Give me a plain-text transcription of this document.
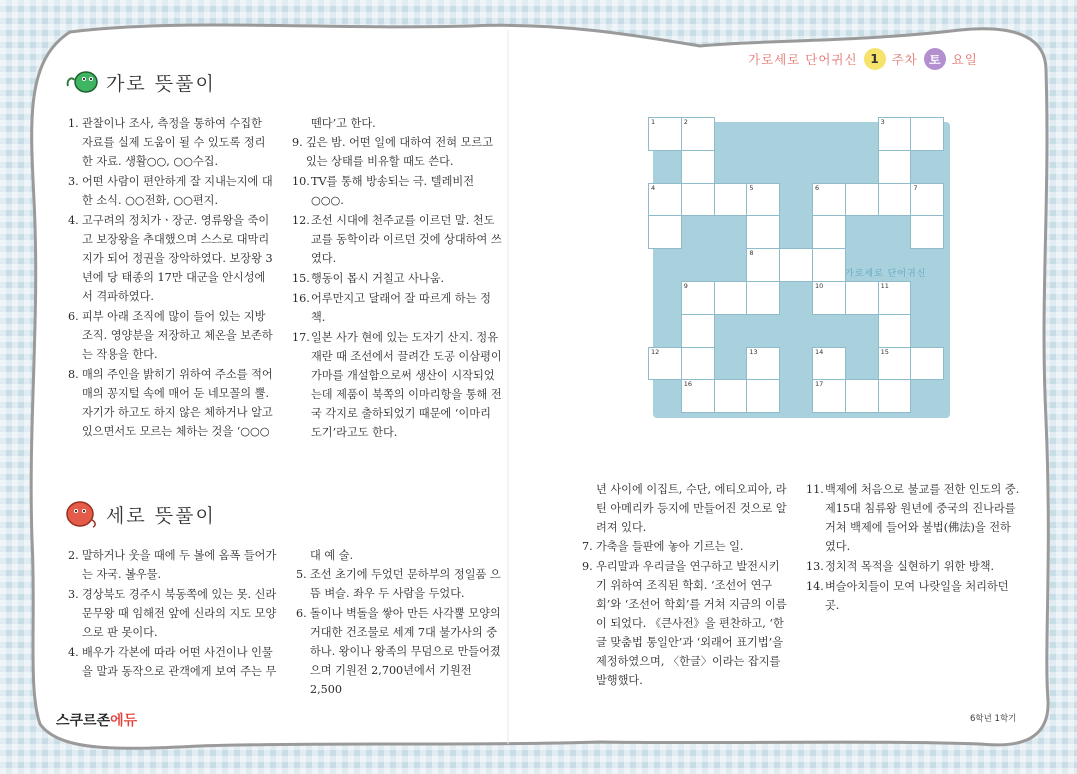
가로세로 단어귀신	1	주차 토 요일
가로 뜻풀이
1. 관찰이나 조사, 측정을 통하여 수집한 자료를 실제 도움이 될 수 있도록 정리한 자료. 생활○○, ○○수집.
3. 어떤 사람이 편안하게 잘 지내는지에 대한 소식. ○○전화, ○○편지.
4. 고구려의 정치가ㆍ장군. 영류왕을 죽이고 보장왕을 추대했으며 스스로 대막리지가 되어 정권을 장악하였다. 보장왕 3년에 당 태종의 17만 대군을 안시성에서 격파하였다.
6. 피부 아래 조직에 많이 들어 있는 지방 조직. 영양분을 저장하고 체온을 보존하는 작용을 한다.
8. 매의 주인을 밝히기 위하여 주소를 적어 매의 꽁지털 속에 매어 둔 네모꼴의 뿔. 자기가 하고도 하지 않은 체하거나 알고 있으면서도 모르는 체하는 것을 ‘○○○
뗀다’고 한다.
9. 깊은 밤. 어떤 일에 대하여 전혀 모르고 있는 상태를 비유할 때도 쓴다.
10. TV를 통해 방송되는 극. 텔레비전 ○○○.
12. 조선 시대에 천주교를 이르던 말. 천도교를 동학이라 이르던 것에 상대하여 쓰였다.
15. 행동이 몹시 거칠고 사나움.
16. 어루만지고 달래어 잘 따르게 하는 정책.
17. 일본 사가 현에 있는 도자기 산지. 정유재란 때 조선에서 끌려간 도공 이삼평이 가마를 개설함으로써 생산이 시작되었는데 제품이 북쪽의 이마리항을 통해 전국 각지로 출하되었기 때문에 ‘이마리 도기’라고도 한다.
1	2	3
4	5	6	7
8
9	10	11
12	13	14	15
16	17
가로세로 단어귀신
세로 뜻풀이
2. 말하거나 웃을 때에 두 볼에 옴폭 들어가는 자국. 볼우물.
3. 경상북도 경주시 북동쪽에 있는 못. 신라 문무왕 때 임해전 앞에 신라의 지도 모양으로 판 못이다.
4. 배우가 각본에 따라 어떤 사건이나 인물을 말과 동작으로 관객에게 보여 주는 무
대 예 술.
5. 조선 초기에 두었던 문하부의 정일품 으뜸 벼슬. 좌우 두 사람을 두었다.
6. 돌이나 벽돌을 쌓아 만든 사각뿔 모양의 거대한 건조물로 세계 7대 불가사의 중 하나. 왕이나 왕족의 무덤으로 만들어졌으며 기원전 2,700년에서 기원전 2,500
년 사이에 이집트, 수단, 에티오피아, 라틴 아메리카 등지에 만들어진 것으로 알려져 있다.
7. 가축을 들판에 놓아 기르는 일.
9. 우리말과 우리글을 연구하고 발전시키기 위하여 조직된 학회. ‘조선어 연구회’와 ‘조선어 학회’를 거쳐 지금의 이름이 되었다. 《큰사전》을 편찬하고, ‘한글 맞춤법 통일안’과 ‘외래어 표기법’을 제정하였으며, 〈한글〉이라는 잡지를 발행했다.
11. 백제에 처음으로 불교를 전한 인도의 중. 제15대 침류왕 원년에 중국의 진나라를 거쳐 백제에 들어와 불법(佛法)을 전하였다.
13. 정치적 목적을 실현하기 위한 방책.
14. 벼슬아치들이 모여 나랏일을 처리하던 곳.
스쿠르존에듀	6학년 1학기
